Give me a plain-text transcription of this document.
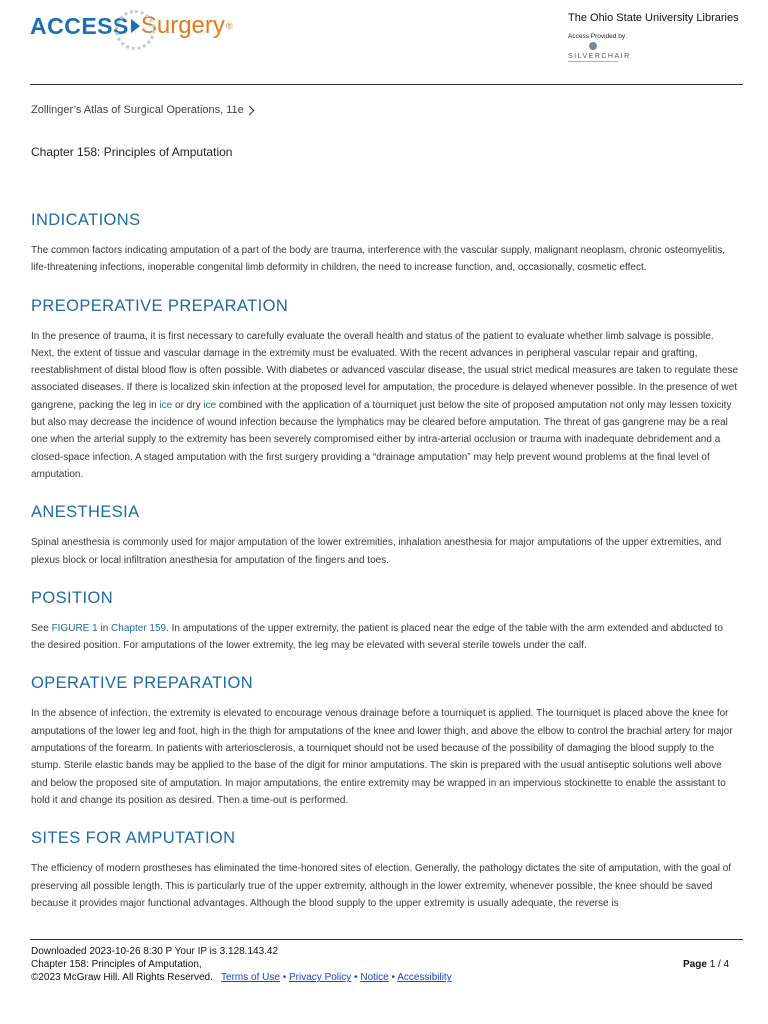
ACCESS Surgery ®
The Ohio State University Libraries
Access Provided by:
SILVERCHAIR
Zollinger’s Atlas of Surgical Operations, 11e
Chapter 158: Principles of Amputation
INDICATIONS

The common factors indicating amputation of a part of the body are trauma, interference with the vascular supply, malignant neoplasm, chronic osteomyelitis, life-threatening infections, inoperable congenital limb deformity in children, the need to increase function, and, occasionally, cosmetic effect.

PREOPERATIVE PREPARATION

In the presence of trauma, it is first necessary to carefully evaluate the overall health and status of the patient to evaluate whether limb salvage is possible. Next, the extent of tissue and vascular damage in the extremity must be evaluated. With the recent advances in peripheral vascular repair and grafting, reestablishment of distal blood flow is often possible. With diabetes or advanced vascular disease, the usual strict medical measures are taken to regulate these associated diseases. If there is localized skin infection at the proposed level for amputation, the procedure is delayed whenever possible. In the presence of wet gangrene, packing the leg in ice or dry ice combined with the application of a tourniquet just below the site of proposed amputation not only may lessen toxicity but also may decrease the incidence of wound infection because the lymphatics may be cleared before amputation. The threat of gas gangrene may be a real one when the arterial supply to the extremity has been severely compromised either by intra-arterial occlusion or trauma with inadequate debridement and a closed-space infection. A staged amputation with the first surgery providing a “drainage amputation” may help prevent wound problems at the final level of amputation.

ANESTHESIA

Spinal anesthesia is commonly used for major amputation of the lower extremities, inhalation anesthesia for major amputations of the upper extremities, and plexus block or local infiltration anesthesia for amputation of the fingers and toes.

POSITION

See FIGURE 1 in Chapter 159. In amputations of the upper extremity, the patient is placed near the edge of the table with the arm extended and abducted to the desired position. For amputations of the lower extremity, the leg may be elevated with several sterile towels under the calf.

OPERATIVE PREPARATION

In the absence of infection, the extremity is elevated to encourage venous drainage before a tourniquet is applied. The tourniquet is placed above the knee for amputations of the lower leg and foot, high in the thigh for amputations of the knee and lower thigh, and above the elbow to control the brachial artery for major amputations of the forearm. In patients with arteriosclerosis, a tourniquet should not be used because of the possibility of damaging the blood supply to the stump. Sterile elastic bands may be applied to the base of the digit for minor amputations. The skin is prepared with the usual antiseptic solutions well above and below the proposed site of amputation. In major amputations, the entire extremity may be wrapped in an impervious stockinette to enable the assistant to hold it and change its position as desired. Then a time-out is performed.

SITES FOR AMPUTATION

The efficiency of modern prostheses has eliminated the time-honored sites of election. Generally, the pathology dictates the site of amputation, with the goal of preserving all possible length. This is particularly true of the upper extremity, although in the lower extremity, whenever possible, the knee should be saved because it provides major functional advantages. Although the blood supply to the upper extremity is usually adequate, the reverse is

Downloaded 2023-10-26 8:30 P Your IP is 3.128.143.42
Chapter 158: Principles of Amputation,
©2023 McGraw Hill. All Rights Reserved. Terms of Use • Privacy Policy • Notice • Accessibility
Page 1 / 4
